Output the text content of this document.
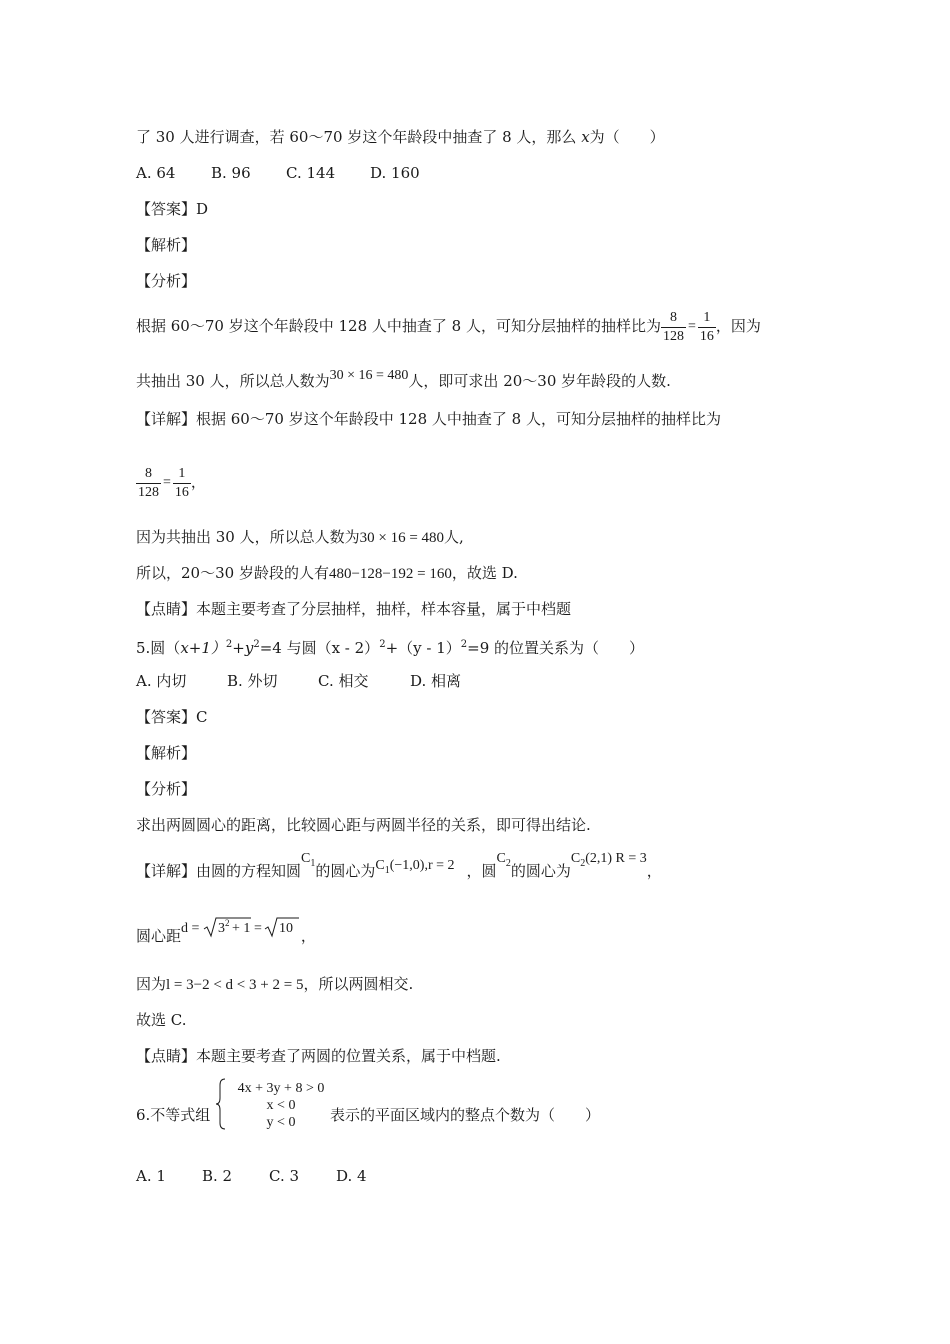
了 30 人进行调查，若 60～70 岁这个年龄段中抽查了 8 人，那么 x为（　　）
A. 64 B. 96 C. 144 D. 160
【答案】D
【解析】
【分析】
根据 60～70 岁这个年龄段中 128 人中抽查了 8 人，可知分层抽样的抽样比为 $\frac{8}{128} = \frac{1}{16}$ ，因为
共抽出 30 人，所以总人数为30 × 16 = 480人，即可求出 20～30 岁年龄段的人数.
【详解】根据 60～70 岁这个年龄段中 128 人中抽查了 8 人，可知分层抽样的抽样比为
$\frac{8}{128} = \frac{1}{16}$ ，
因为共抽出 30 人，所以总人数为30 × 16 = 480人,
所以，20～30 岁龄段的人有480−128−192 = 160，故选 D.
【点睛】本题主要考查了分层抽样，抽样，样本容量，属于中档题
5.圆$(x+1)^2+y^2=4$ 与圆（x - 2）$^2$+（y - 1）$^2$=9 的位置关系为（　　）
A. 内切	B. 外切	C. 相交	D. 相离
【答案】C
【解析】
【分析】
求出两圆圆心的距离，比较圆心距与两圆半径的关系，即可得出结论.
【详解】由圆的方程知圆$C_1$的圆心为$C_1(-1,0),r = 2$ ，圆$C_2$的圆心为$C_2(2,1) R = 3$，
圆心距d = 3 2 + 1 = 10 ，
因为l = 3−2 < d < 3 + 2 = 5，所以两圆相交.
故选 C.
【点睛】本题主要考查了两圆的位置关系，属于中档题.
6.不等式组
4x + 3y + 8 > 0
x < 0
y < 0	表示的平面区域内的整点个数为（　　）
A. 1 B. 2 C. 3 D. 4
